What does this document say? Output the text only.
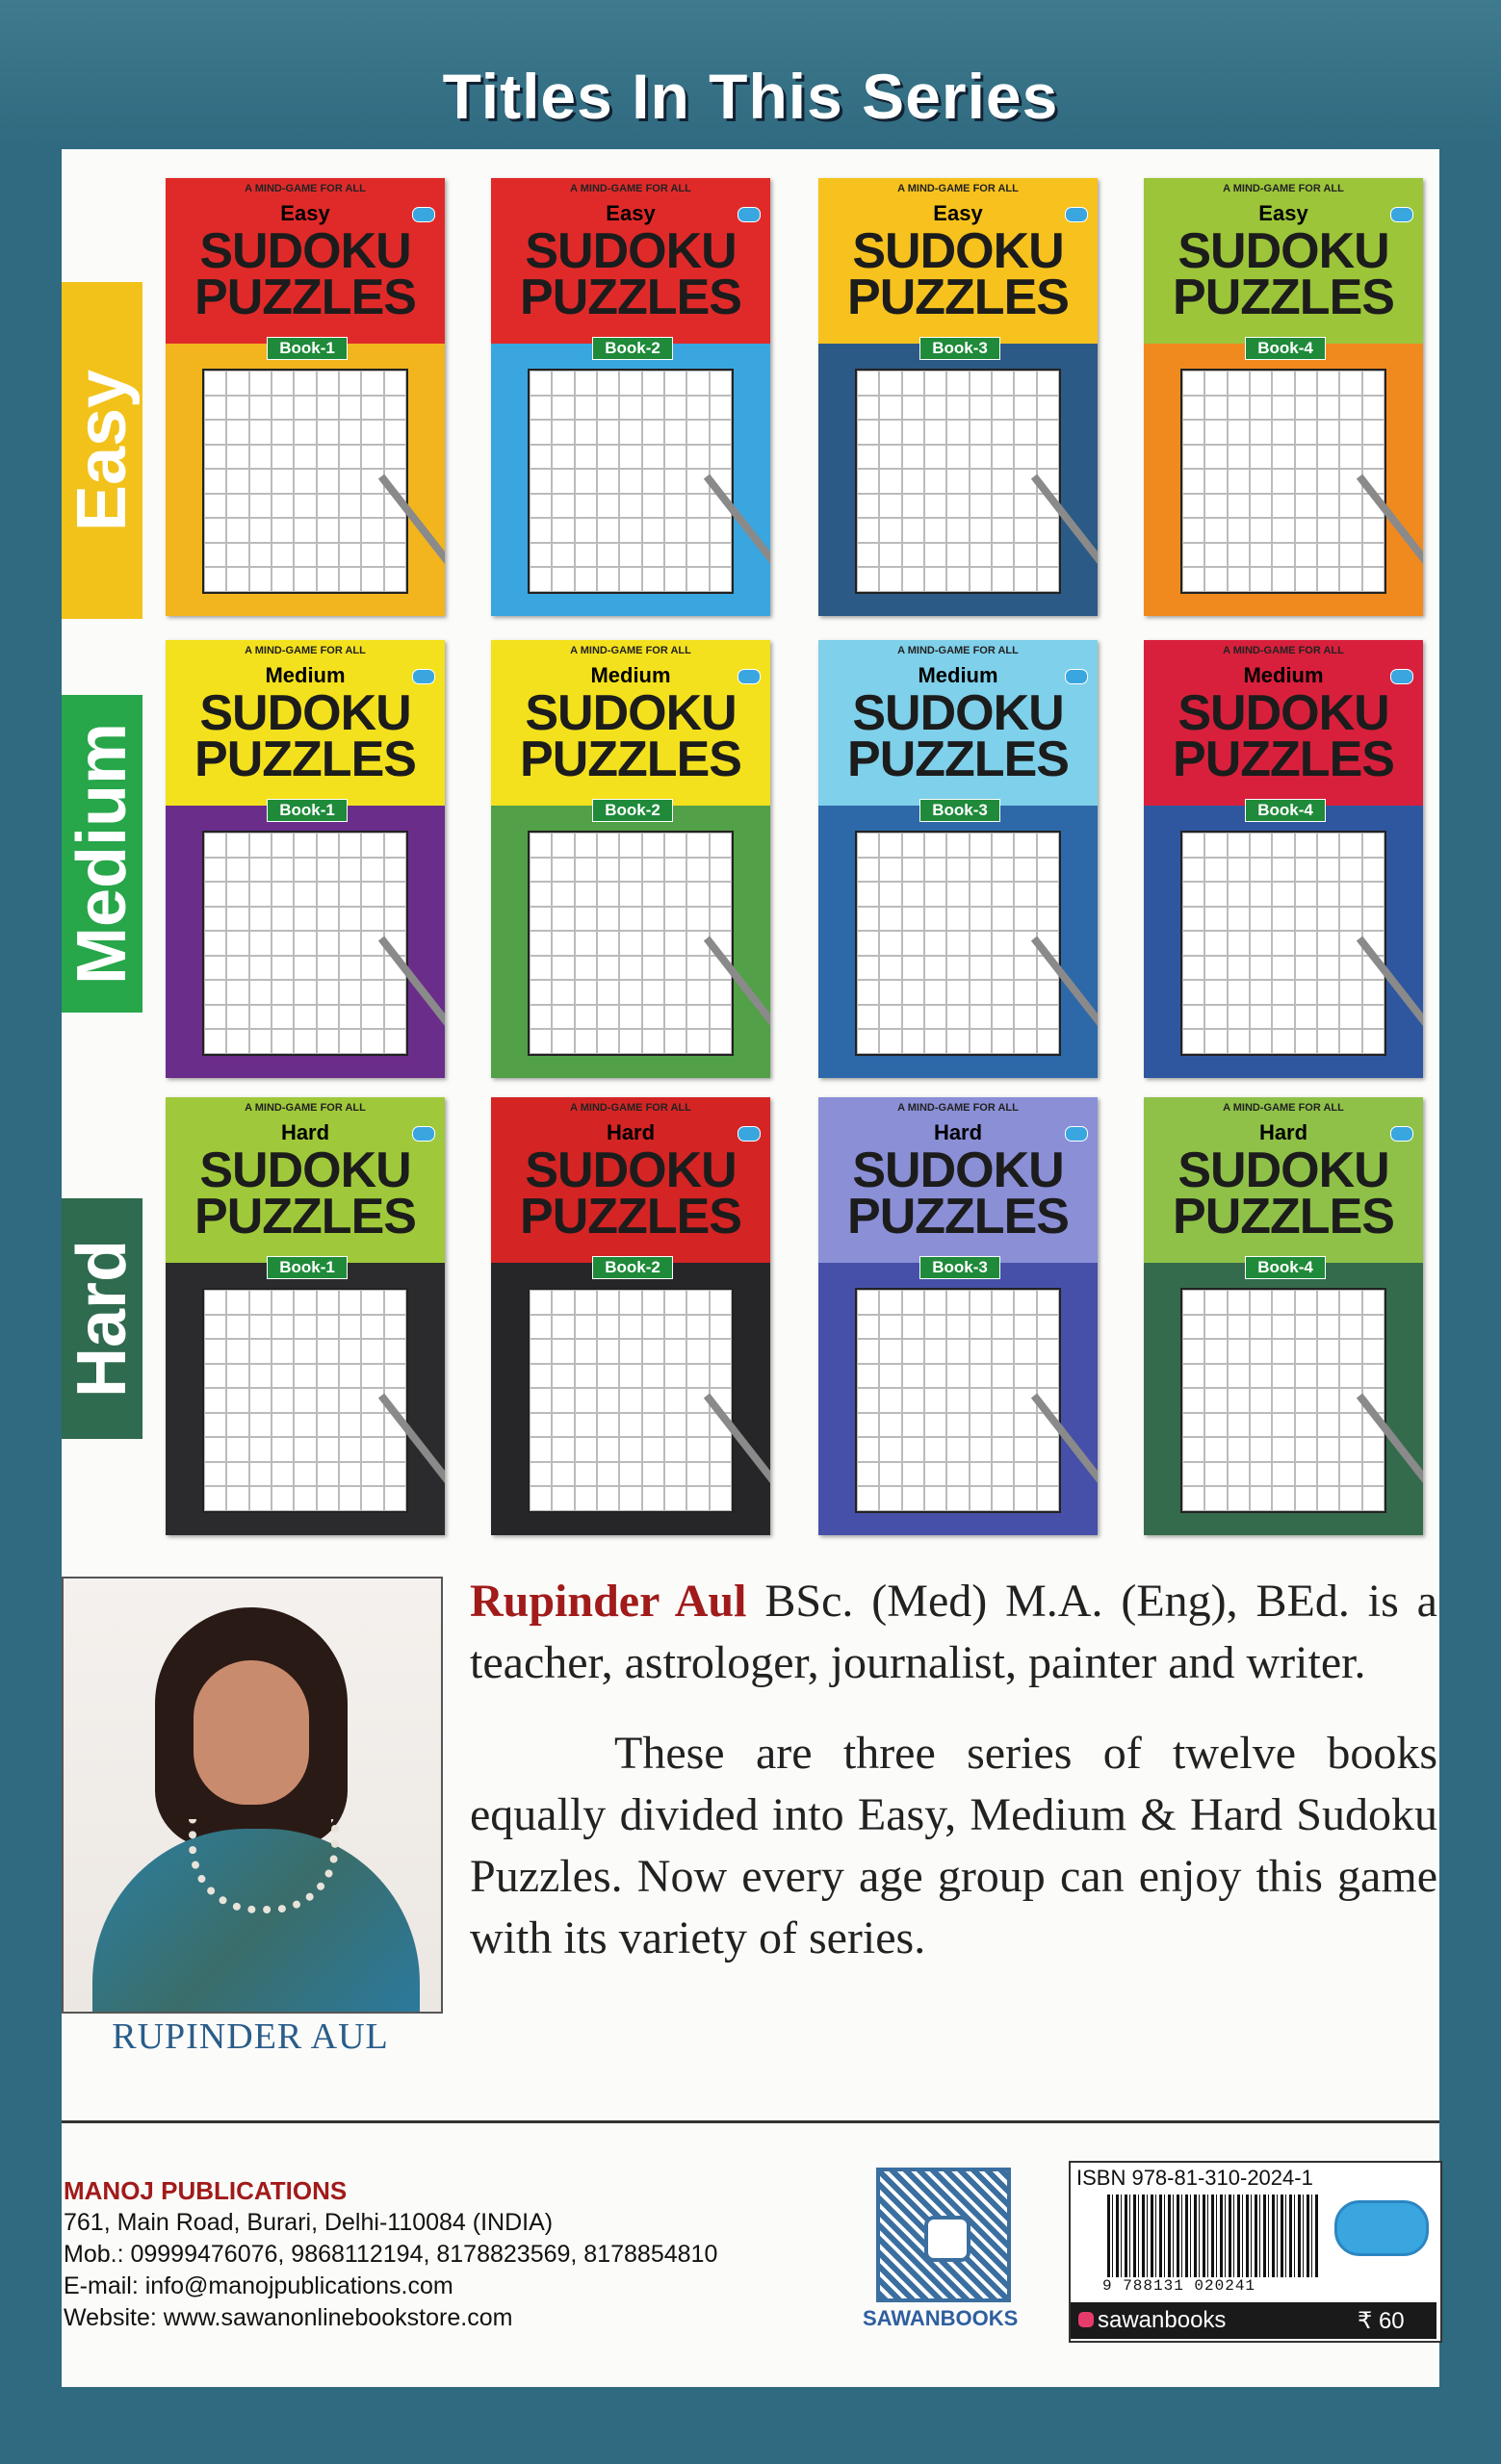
Titles In This Series
Easy
Medium
Hard
A MIND-GAME FOR ALL
Easy
SUDOKU
PUZZLES
Book-1
A MIND-GAME FOR ALL
Easy
SUDOKU
PUZZLES
Book-2
A MIND-GAME FOR ALL
Easy
SUDOKU
PUZZLES
Book-3
A MIND-GAME FOR ALL
Easy
SUDOKU
PUZZLES
Book-4
A MIND-GAME FOR ALL
Medium
SUDOKU
PUZZLES
Book-1
A MIND-GAME FOR ALL
Medium
SUDOKU
PUZZLES
Book-2
A MIND-GAME FOR ALL
Medium
SUDOKU
PUZZLES
Book-3
A MIND-GAME FOR ALL
Medium
SUDOKU
PUZZLES
Book-4
A MIND-GAME FOR ALL
Hard
SUDOKU
PUZZLES
Book-1
A MIND-GAME FOR ALL
Hard
SUDOKU
PUZZLES
Book-2
A MIND-GAME FOR ALL
Hard
SUDOKU
PUZZLES
Book-3
A MIND-GAME FOR ALL
Hard
SUDOKU
PUZZLES
Book-4
RUPINDER AUL

Rupinder Aul BSc. (Med) M.A. (Eng), BEd. is a teacher, astrologer, journalist, painter and writer.

These are three series of twelve books equally divided into Easy, Medium & Hard Sudoku Puzzles. Now every age group can enjoy this game with its variety of series.

MANOJ PUBLICATIONS
761, Main Road, Burari, Delhi-110084 (INDIA)
Mob.: 09999476076, 9868112194, 8178823569, 8178854810
E-mail: info@manojpublications.com
Website: www.sawanonlinebookstore.com	SAWANBOOKS
ISBN 978-81-310-2024-1
9 788131 020241
sawanbooks	₹ 60
